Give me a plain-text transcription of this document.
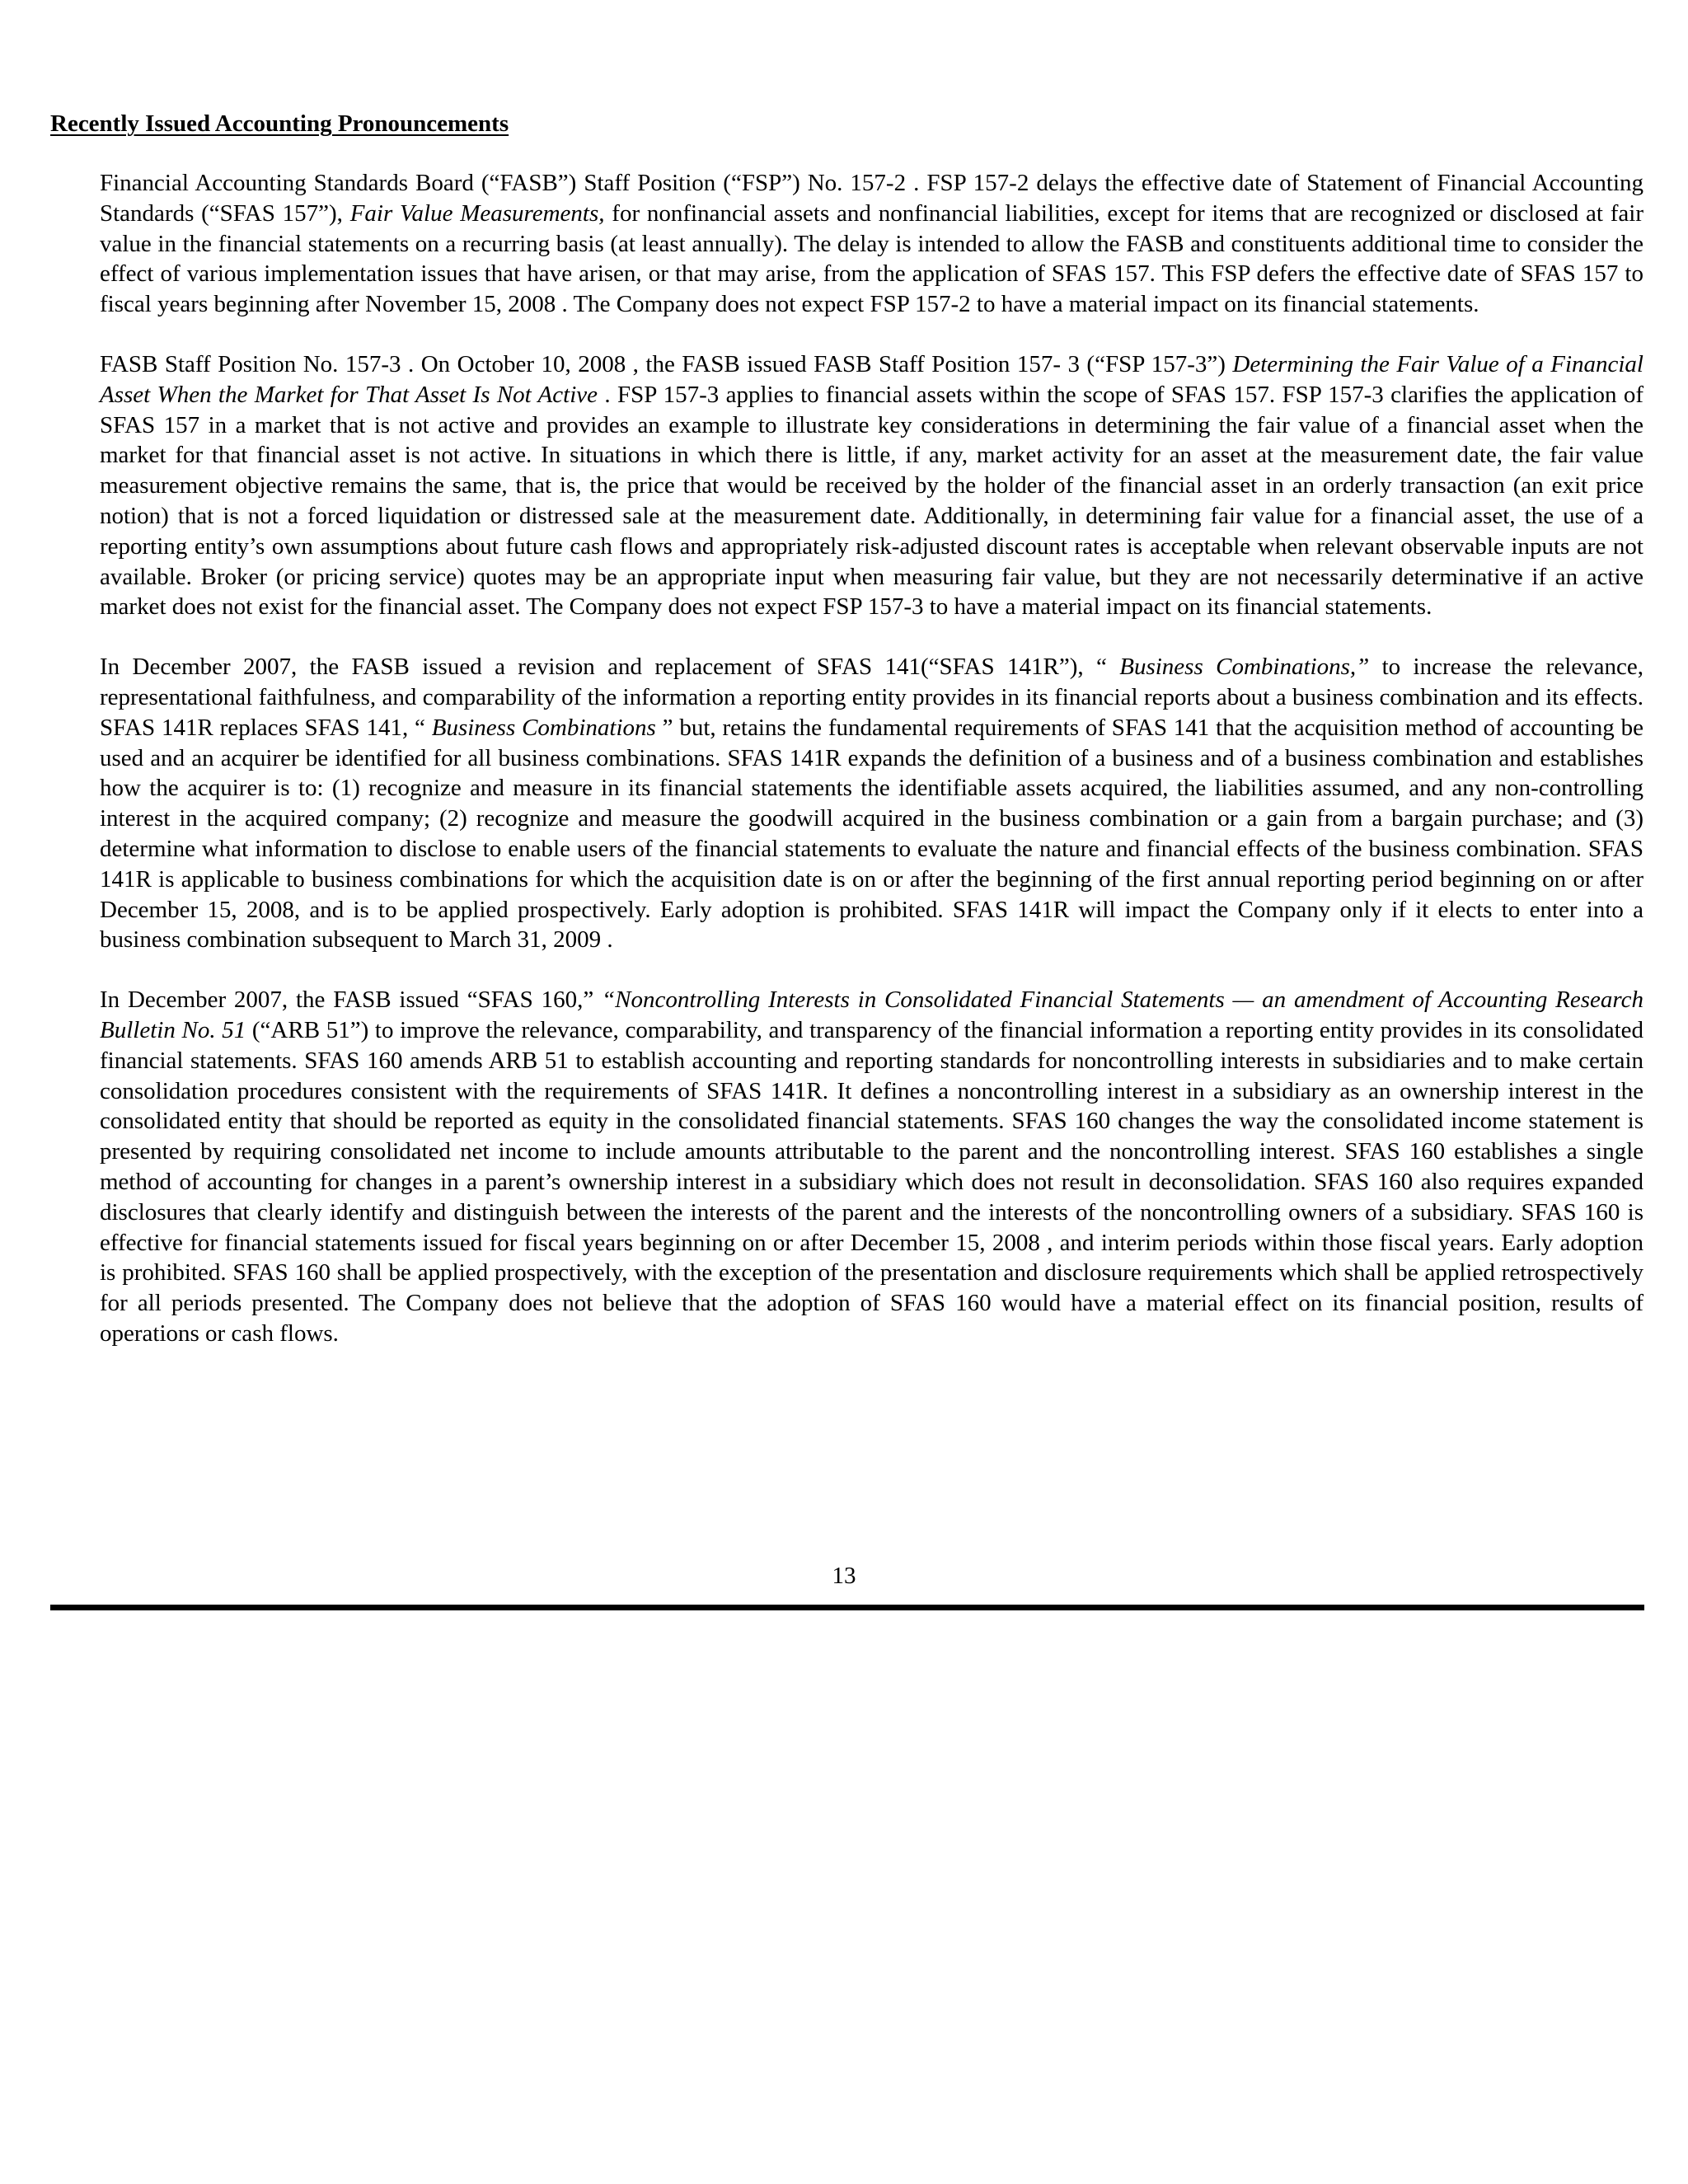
Recently Issued Accounting Pronouncements

Financial Accounting Standards Board (“FASB”) Staff Position (“FSP”) No. 157-2 . FSP 157-2 delays the effective date of Statement of Financial Accounting Standards (“SFAS 157”), Fair Value Measurements, for nonfinancial assets and nonfinancial liabilities, except for items that are recognized or disclosed at fair value in the financial statements on a recurring basis (at least annually). The delay is intended to allow the FASB and constituents additional time to consider the effect of various implementation issues that have arisen, or that may arise, from the application of SFAS 157. This FSP defers the effective date of SFAS 157 to fiscal years beginning after November 15, 2008 . The Company does not expect FSP 157-2 to have a material impact on its financial statements.

FASB Staff Position No. 157-3 . On October 10, 2008 , the FASB issued FASB Staff Position 157- 3 (“FSP 157-3”) Determining the Fair Value of a Financial Asset When the Market for That Asset Is Not Active . FSP 157-3 applies to financial assets within the scope of SFAS 157. FSP 157-3 clarifies the application of SFAS 157 in a market that is not active and provides an example to illustrate key considerations in determining the fair value of a financial asset when the market for that financial asset is not active. In situations in which there is little, if any, market activity for an asset at the measurement date, the fair value measurement objective remains the same, that is, the price that would be received by the holder of the financial asset in an orderly transaction (an exit price notion) that is not a forced liquidation or distressed sale at the measurement date. Additionally, in determining fair value for a financial asset, the use of a reporting entity’s own assumptions about future cash flows and appropriately risk-adjusted discount rates is acceptable when relevant observable inputs are not available. Broker (or pricing service) quotes may be an appropriate input when measuring fair value, but they are not necessarily determinative if an active market does not exist for the financial asset. The Company does not expect FSP 157-3 to have a material impact on its financial statements.

In December 2007, the FASB issued a revision and replacement of SFAS 141(“SFAS 141R”), “ Business Combinations,” to increase the relevance, representational faithfulness, and comparability of the information a reporting entity provides in its financial reports about a business combination and its effects. SFAS 141R replaces SFAS 141, “ Business Combinations ” but, retains the fundamental requirements of SFAS 141 that the acquisition method of accounting be used and an acquirer be identified for all business combinations. SFAS 141R expands the definition of a business and of a business combination and establishes how the acquirer is to: (1) recognize and measure in its financial statements the identifiable assets acquired, the liabilities assumed, and any non-controlling interest in the acquired company; (2) recognize and measure the goodwill acquired in the business combination or a gain from a bargain purchase; and (3) determine what information to disclose to enable users of the financial statements to evaluate the nature and financial effects of the business combination. SFAS 141R is applicable to business combinations for which the acquisition date is on or after the beginning of the first annual reporting period beginning on or after December 15, 2008, and is to be applied prospectively. Early adoption is prohibited. SFAS 141R will impact the Company only if it elects to enter into a business combination subsequent to March 31, 2009 .

In December 2007, the FASB issued “SFAS 160,” “Noncontrolling Interests in Consolidated Financial Statements — an amendment of Accounting Research Bulletin No. 51 (“ARB 51”) to improve the relevance, comparability, and transparency of the financial information a reporting entity provides in its consolidated financial statements. SFAS 160 amends ARB 51 to establish accounting and reporting standards for noncontrolling interests in subsidiaries and to make certain consolidation procedures consistent with the requirements of SFAS 141R. It defines a noncontrolling interest in a subsidiary as an ownership interest in the consolidated entity that should be reported as equity in the consolidated financial statements. SFAS 160 changes the way the consolidated income statement is presented by requiring consolidated net income to include amounts attributable to the parent and the noncontrolling interest. SFAS 160 establishes a single method of accounting for changes in a parent’s ownership interest in a subsidiary which does not result in deconsolidation. SFAS 160 also requires expanded disclosures that clearly identify and distinguish between the interests of the parent and the interests of the noncontrolling owners of a subsidiary. SFAS 160 is effective for financial statements issued for fiscal years beginning on or after December 15, 2008 , and interim periods within those fiscal years. Early adoption is prohibited. SFAS 160 shall be applied prospectively, with the exception of the presentation and disclosure requirements which shall be applied retrospectively for all periods presented. The Company does not believe that the adoption of SFAS 160 would have a material effect on its financial position, results of operations or cash flows.

13
